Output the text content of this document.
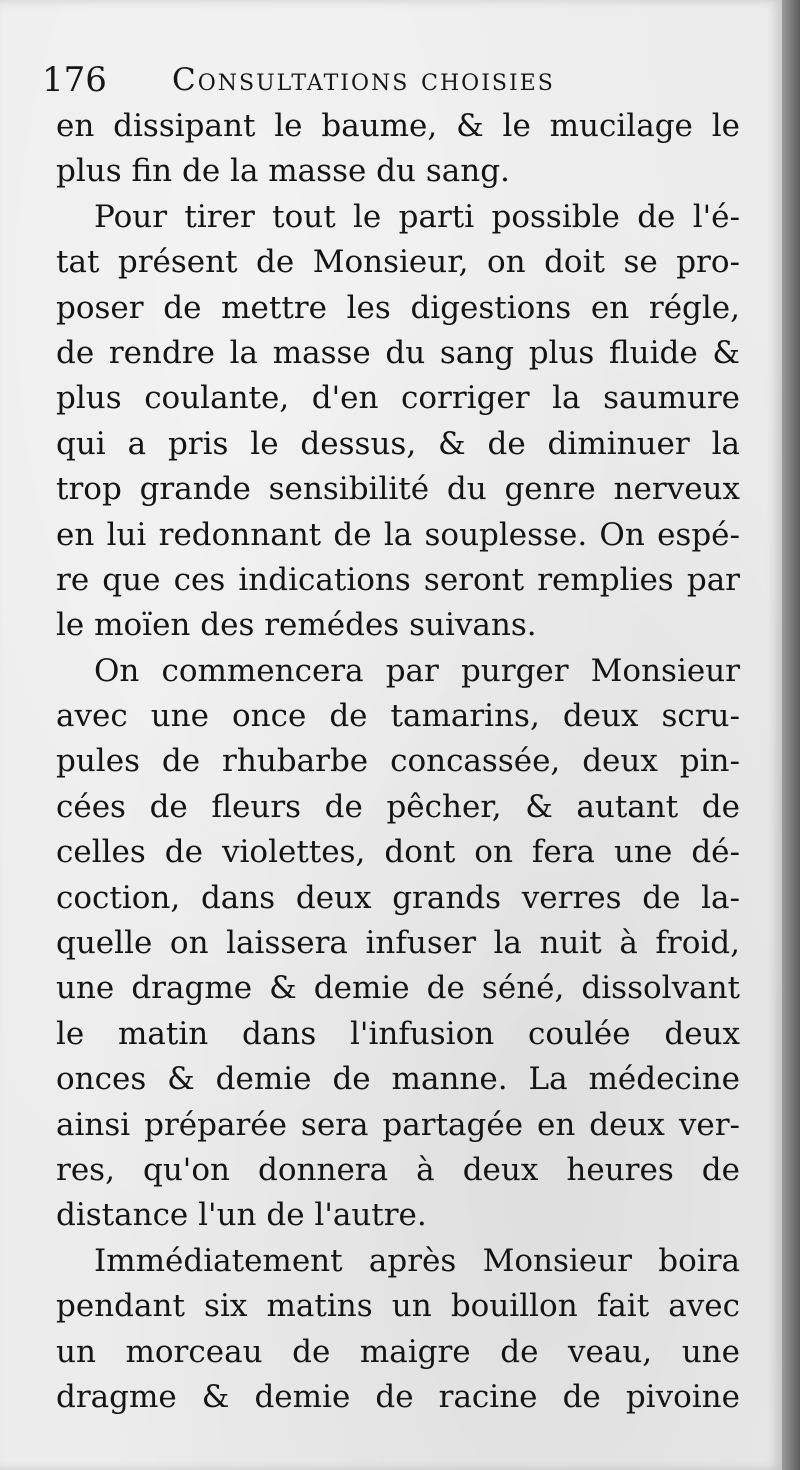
176 Consultations choisies
en dissipant le baume, & le mucilage le
plus fin de la masse du sang.
Pour tirer tout le parti possible de l'é-
tat présent de Monsieur, on doit se pro-
poser de mettre les digestions en régle,
de rendre la masse du sang plus fluide &
plus coulante, d'en corriger la saumure
qui a pris le dessus, & de diminuer la
trop grande sensibilité du genre nerveux
en lui redonnant de la souplesse. On espé-
re que ces indications seront remplies par
le moïen des remédes suivans.
On commencera par purger Monsieur
avec une once de tamarins, deux scru-
pules de rhubarbe concassée, deux pin-
cées de fleurs de pêcher, & autant de
celles de violettes, dont on fera une dé-
coction, dans deux grands verres de la-
quelle on laissera infuser la nuit à froid,
une dragme & demie de séné, dissolvant
le matin dans l'infusion coulée deux
onces & demie de manne. La médecine
ainsi préparée sera partagée en deux ver-
res, qu'on donnera à deux heures de
distance l'un de l'autre.
Immédiatement après Monsieur boira
pendant six matins un bouillon fait avec
un morceau de maigre de veau, une
dragme & demie de racine de pivoine
